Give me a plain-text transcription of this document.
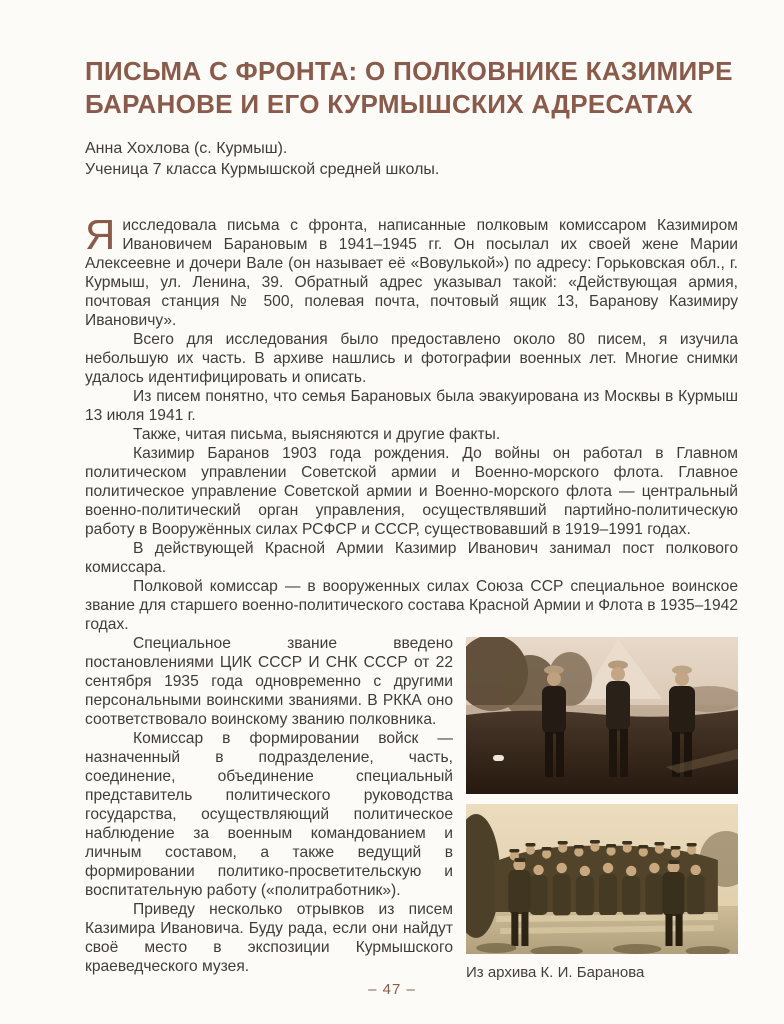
ПИСЬМА С ФРОНТА: О ПОЛКОВНИКЕ КАЗИМИРЕ БАРАНОВЕ И ЕГО КУРМЫШСКИХ АДРЕСАТАХ
Анна Хохлова (с. Курмыш).
Ученица 7 класса Курмышской средней школы.

Яисследовала письма с фронта, написанные полковым комиссаром Казимиром Ивановичем Барановым в 1941–1945 гг. Он посылал их своей жене Марии Алексеевне и дочери Вале (он называет её «Вовулькой») по адресу: Горьковская обл., г. Курмыш, ул. Ленина, 39. Обратный адрес указывал такой: «Действующая армия, почтовая станция № 500, полевая почта, почтовый ящик 13, Баранову Казимиру Ивановичу».

Всего для исследования было предоставлено около 80 писем, я изучила небольшую их часть. В архиве нашлись и фотографии военных лет. Многие снимки удалось идентифицировать и описать.

Из писем понятно, что семья Барановых была эвакуирована из Москвы в Курмыш 13 июля 1941 г.

Также, читая письма, выясняются и другие факты.

Казимир Баранов 1903 года рождения. До войны он работал в Главном политическом управлении Советской армии и Военно-морского флота. Главное политическое управление Советской армии и Военно-морского флота — центральный военно-политический орган управления, осуществлявший партийно-политическую работу в Вооружённых силах РСФСР и СССР, существовавший в 1919–1991 годах.

В действующей Красной Армии Казимир Иванович занимал пост полкового комиссара.

Полковой комиссар — в вооруженных силах Союза ССР специальное воинское звание для старшего военно-политического состава Красной Армии и Флота в 1935–1942 годах.

Из архива К. И. Баранова

Специальное звание введено постановлениями ЦИК СССР И СНК СССР от 22 сентября 1935 года одновременно с другими персональными воинскими званиями. В РККА оно соответствовало воинскому званию полковника.

Комиссар в формировании войск — назначенный в подразделение, часть, соединение, объединение специальный представитель политического руководства государства, осуществляющий политическое наблюдение за военным командованием и личным составом, а также ведущий в формировании политико-просветительскую и воспитательную работу («политработник»).

Приведу несколько отрывков из писем Казимира Ивановича. Буду рада, если они найдут своё место в экспозиции Курмышского краеведческого музея.

– 47 –
